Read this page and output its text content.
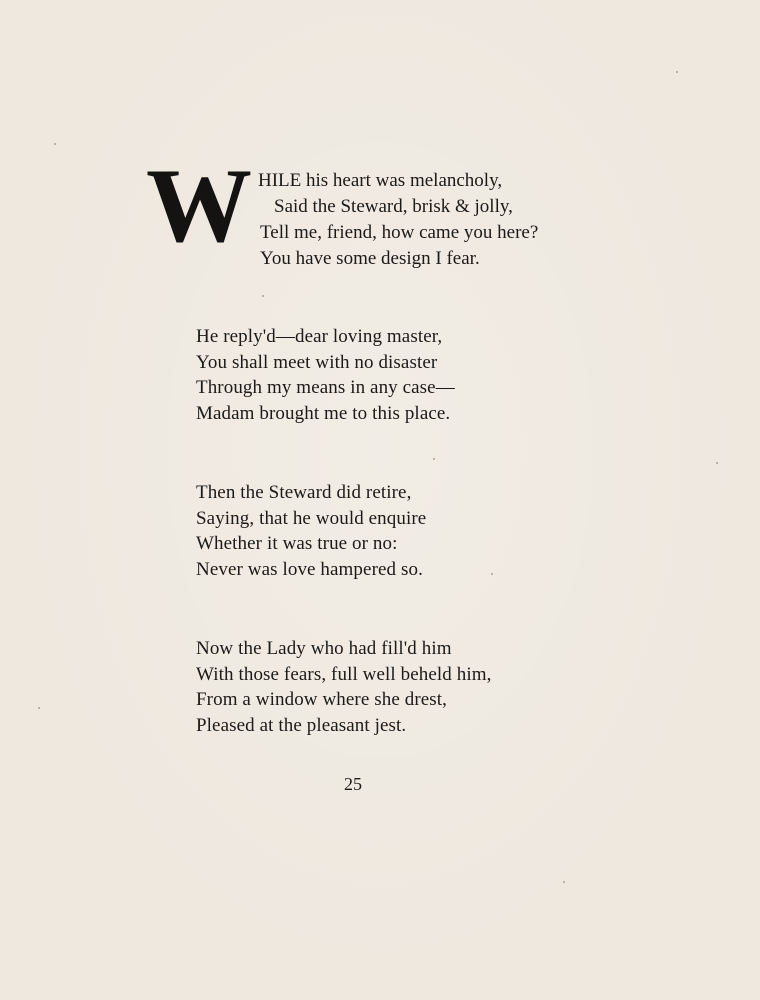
W HILE his heart was melancholy,
Said the Steward, brisk & jolly,
Tell me, friend, how came you here?
You have some design I fear.
He reply'd—dear loving master,
You shall meet with no disaster
Through my means in any case—
Madam brought me to this place.
Then the Steward did retire,
Saying, that he would enquire
Whether it was true or no:
Never was love hampered so.
Now the Lady who had fill'd him
With those fears, full well beheld him,
From a window where she drest,
Pleased at the pleasant jest.
25
